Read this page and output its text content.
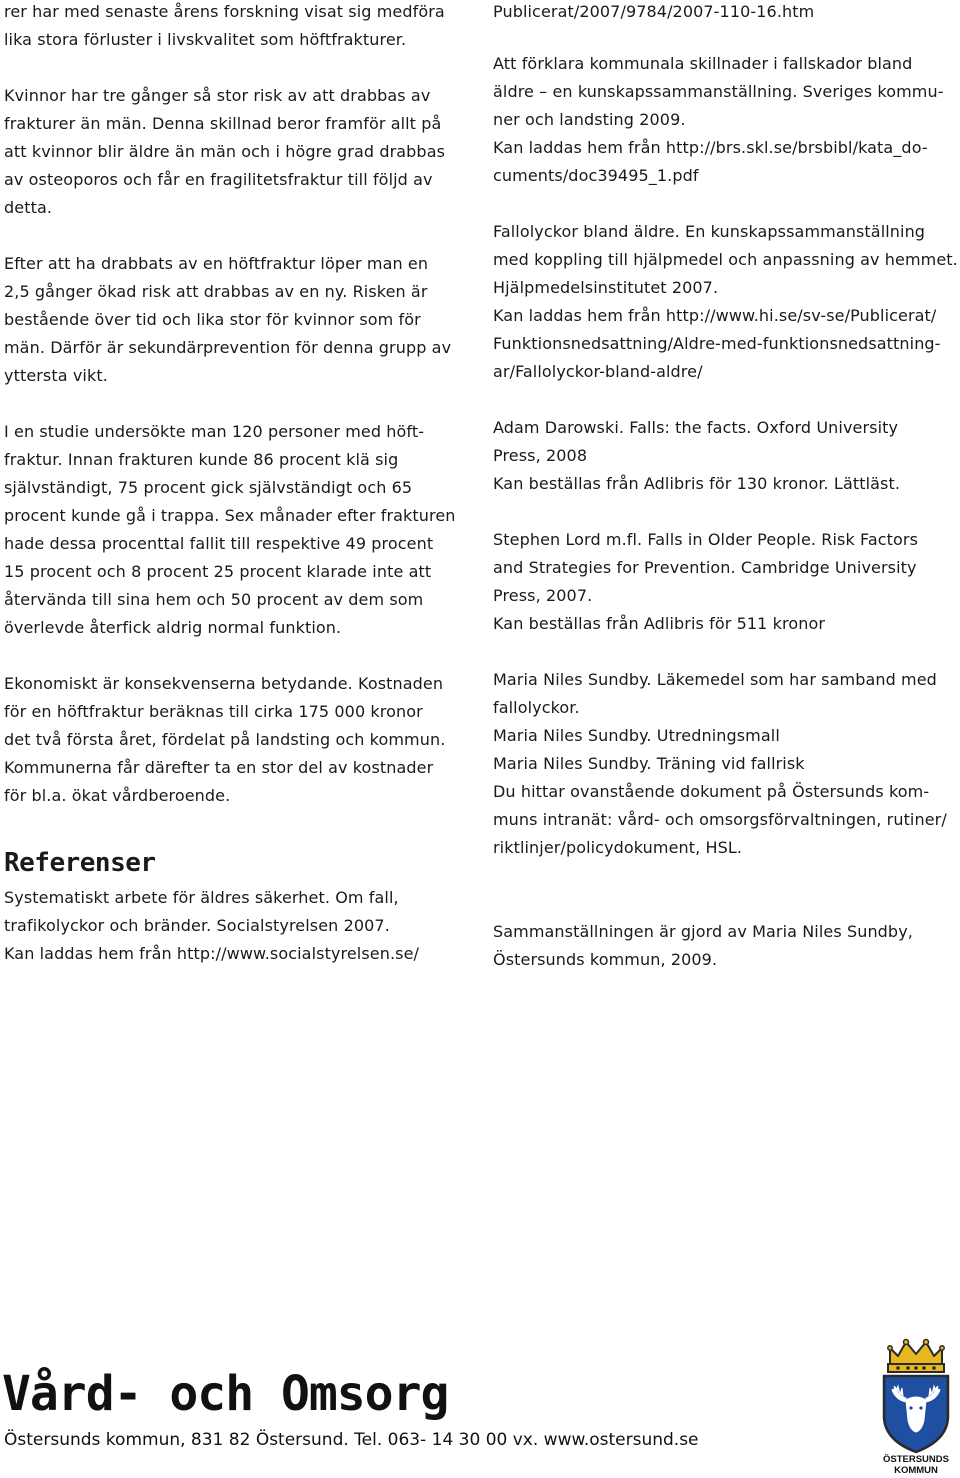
rer har med senaste årens forskning visat sig medföra
lika stora förluster i livskvalitet som höftfrakturer.

Kvinnor har tre gånger så stor risk av att drabbas av
frakturer än män. Denna skillnad beror framför allt på
att kvinnor blir äldre än män och i högre grad drabbas
av osteoporos och får en fragilitetsfraktur till följd av
detta.

Efter att ha drabbats av en höftfraktur löper man en
2,5 gånger ökad risk att drabbas av en ny. Risken är
bestående över tid och lika stor för kvinnor som för
män. Därför är sekundärprevention för denna grupp av
yttersta vikt.

I en studie undersökte man 120 personer med höft-
fraktur. Innan frakturen kunde 86 procent klä sig
självständigt, 75 procent gick självständigt och 65
procent kunde gå i trappa. Sex månader efter frakturen
hade dessa procenttal fallit till respektive 49 procent
15 procent och 8 procent 25 procent klarade inte att
återvända till sina hem och 50 procent av dem som
överlevde återfick aldrig normal funktion.

Ekonomiskt är konsekvenserna betydande. Kostnaden
för en höftfraktur beräknas till cirka 175 000 kronor
det två första året, fördelat på landsting och kommun.
Kommunerna får därefter ta en stor del av kostnader
för bl.a. ökat vårdberoende.

Referenser

Systematiskt arbete för äldres säkerhet. Om fall,
trafikolyckor och bränder. Socialstyrelsen 2007.
Kan laddas hem från http://www.socialstyrelsen.se/

Publicerat/2007/9784/2007-110-16.htm

Att förklara kommunala skillnader i fallskador bland
äldre – en kunskapssammanställning. Sveriges kommu-
ner och landsting 2009.
Kan laddas hem från http://brs.skl.se/brsbibl/kata_do-
cuments/doc39495_1.pdf

Fallolyckor bland äldre. En kunskapssammanställning
med koppling till hjälpmedel och anpassning av hemmet.
Hjälpmedelsinstitutet 2007.
Kan laddas hem från http://www.hi.se/sv-se/Publicerat/
Funktionsnedsattning/Aldre-med-funktionsnedsattning-
ar/Fallolyckor-bland-aldre/

Adam Darowski. Falls: the facts. Oxford University
Press, 2008
Kan beställas från Adlibris för 130 kronor. Lättläst.

Stephen Lord m.fl. Falls in Older People. Risk Factors
and Strategies for Prevention. Cambridge University
Press, 2007.
Kan beställas från Adlibris för 511 kronor

Maria Niles Sundby. Läkemedel som har samband med
fallolyckor.
Maria Niles Sundby. Utredningsmall
Maria Niles Sundby. Träning vid fallrisk
Du hittar ovanstående dokument på Östersunds kom-
muns intranät: vård- och omsorgsförvaltningen, rutiner/
riktlinjer/policydokument, HSL.

Sammanställningen är gjord av Maria Niles Sundby,
Östersunds kommun, 2009.

Vård- och Omsorg
Östersunds kommun, 831 82 Östersund. Tel. 063- 14 30 00 vx. www.ostersund.se
ÖSTERSUNDS
KOMMUN
